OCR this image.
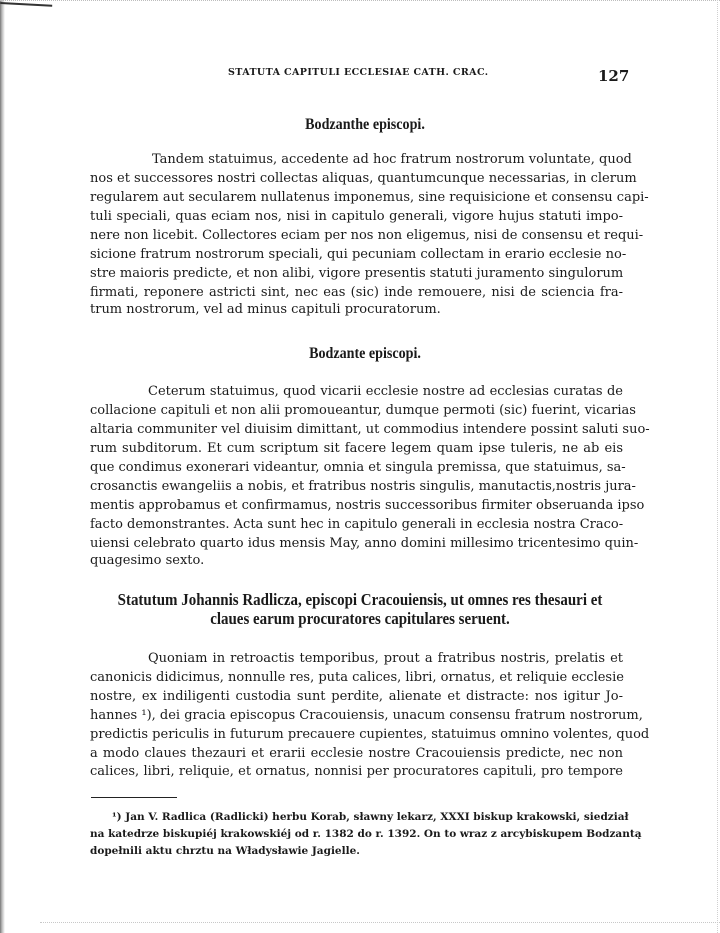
STATUTA CAPITULI ECCLESIAE CATH. CRAC.	127
Bodzanthe episcopi.
Tandem statuimus, accedente ad hoc fratrum nostrorum voluntate, quod
nos et successores nostri collectas aliquas, quantumcunque necessarias, in clerum
regularem aut secularem nullatenus imponemus, sine requisicione et consensu capi-
tuli speciali, quas eciam nos, nisi in capitulo generali, vigore hujus statuti impo-
nere non licebit. Collectores eciam per nos non eligemus, nisi de consensu et requi-
sicione fratrum nostrorum speciali, qui pecuniam collectam in erario ecclesie no-
stre maioris predicte, et non alibi, vigore presentis statuti juramento singulorum
firmati, reponere astricti sint, nec eas (sic) inde remouere, nisi de sciencia fra-
trum nostrorum, vel ad minus capituli procuratorum.
Bodzante episcopi.
Ceterum statuimus, quod vicarii ecclesie nostre ad ecclesias curatas de
collacione capituli et non alii promoueantur, dumque permoti (sic) fuerint, vicarias
altaria communiter vel diuisim dimittant, ut commodius intendere possint saluti suo-
rum subditorum. Et cum scriptum sit facere legem quam ipse tuleris, ne ab eis
que condimus exonerari videantur, omnia et singula premissa, que statuimus, sa-
crosanctis ewangeliis a nobis, et fratribus nostris singulis, manutactis,nostris jura-
mentis approbamus et confirmamus, nostris successoribus firmiter obseruanda ipso
facto demonstrantes. Acta sunt hec in capitulo generali in ecclesia nostra Craco-
uiensi celebrato quarto idus mensis May, anno domini millesimo tricentesimo quin-
quagesimo sexto.
Statutum Johannis Radlicza, episcopi Cracouiensis, ut omnes res thesauri et
claues earum procuratores capitulares seruent.
Quoniam in retroactis temporibus, prout a fratribus nostris, prelatis et
canonicis didicimus, nonnulle res, puta calices, libri, ornatus, et reliquie ecclesie
nostre, ex indiligenti custodia sunt perdite, alienate et distracte: nos igitur Jo-
hannes ¹), dei gracia episcopus Cracouiensis, unacum consensu fratrum nostrorum,
predictis periculis in futurum precauere cupientes, statuimus omnino volentes, quod
a modo claues thezauri et erarii ecclesie nostre Cracouiensis predicte, nec non
calices, libri, reliquie, et ornatus, nonnisi per procuratores capituli, pro tempore
¹) Jan V. Radlica (Radlicki) herbu Korab, sławny lekarz, XXXI biskup krakowski, siedział
na katedrze biskupiéj krakowskiéj od r. 1382 do r. 1392. On to wraz z arcybiskupem Bodzantą
dopełnili aktu chrztu na Władysławie Jagielle.
